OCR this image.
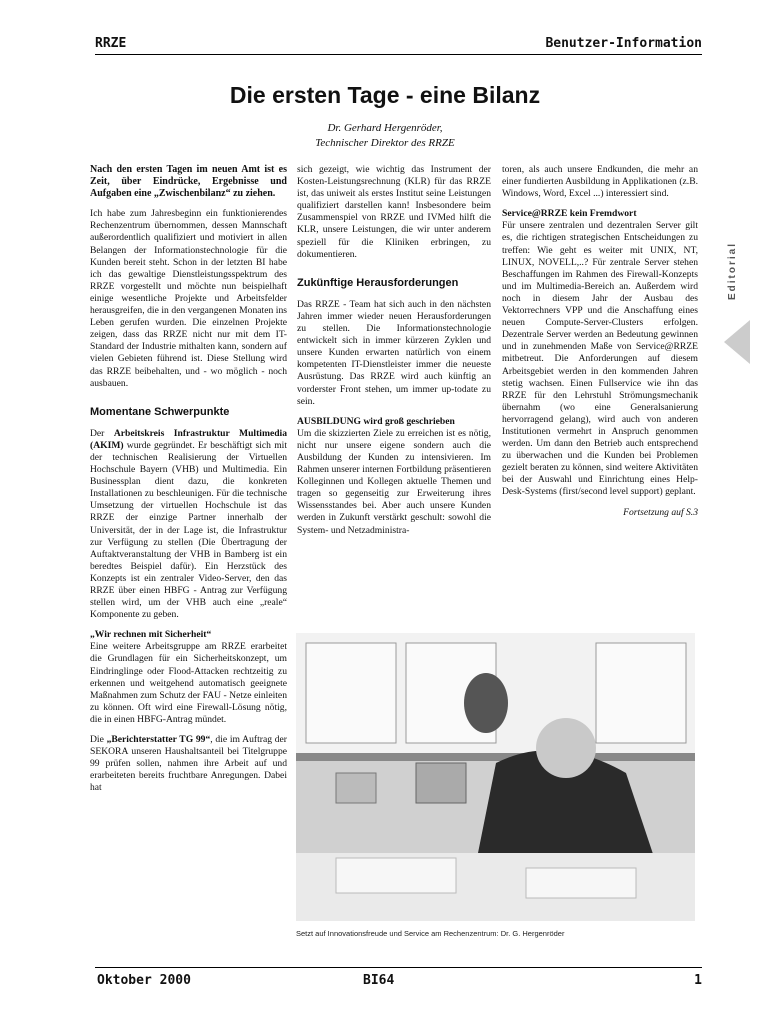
RRZE	Benutzer-Information
Die ersten Tage - eine Bilanz
Dr. Gerhard Hergenröder,
Technischer Direktor des RRZE
Editorial

Nach den ersten Tagen im neuen Amt ist es Zeit, über Eindrücke, Ergebnisse und Aufgaben eine „Zwischenbilanz“ zu ziehen.

Ich habe zum Jahresbeginn ein funktionierendes Rechenzentrum übernommen, dessen Mannschaft außerordentlich qualifiziert und motiviert in allen Belangen der Informationstechnologie für die Kunden bereit steht. Schon in der letzten BI habe ich das gewaltige Dienstleistungsspektrum des RRZE vorgestellt und möchte nun beispielhaft einige wesentliche Projekte und Arbeitsfelder herausgreifen, die in den vergangenen Monaten ins Leben gerufen wurden. Die einzelnen Projekte zeigen, dass das RRZE nicht nur mit dem IT-Standard der Industrie mithalten kann, sondern auf vielen Gebieten führend ist. Diese Stellung wird das RRZE beibehalten, und - wo möglich - noch ausbauen.

Momentane Schwerpunkte

Der Arbeitskreis Infrastruktur Multimedia (AKIM) wurde gegründet. Er beschäftigt sich mit der technischen Realisierung der Virtuellen Hochschule Bayern (VHB) und Multimedia. Ein Businessplan dient dazu, die konkreten Installationen zu beschleunigen. Für die technische Umsetzung der virtuellen Hochschule ist das RRZE der einzige Partner innerhalb der Universität, der in der Lage ist, die Infrastruktur zur Verfügung zu stellen (Die Übertragung der Auftaktveranstaltung der VHB in Bamberg ist ein beredtes Beispiel dafür). Ein Herzstück des Konzepts ist ein zentraler Video-Server, den das RRZE über einen HBFG - Antrag zur Verfügung stellen wird, um der VHB auch eine „reale“ Komponente zu geben.

„Wir rechnen mit Sicherheit“
Eine weitere Arbeitsgruppe am RRZE erarbeitet die Grundlagen für ein Sicherheitskonzept, um Eindringlinge oder Flood-Attacken rechtzeitig zu erkennen und weitgehend automatisch geeignete Maßnahmen zum Schutz der FAU - Netze einleiten zu können. Oft wird eine Firewall-Lösung nötig, die in einen HBFG-Antrag mündet.

Die „Berichterstatter TG 99“, die im Auftrag der SEKORA unseren Haushaltsanteil bei Titelgruppe 99 prüfen sollen, nahmen ihre Arbeit auf und erarbeiteten bereits fruchtbare Anregungen. Dabei hat

sich gezeigt, wie wichtig das Instrument der Kosten-Leistungsrechnung (KLR) für das RRZE ist, das uniweit als erstes Institut seine Leistungen qualifiziert darstellen kann! Insbesondere beim Zusammenspiel von RRZE und IVMed hilft die KLR, unsere Leistungen, die wir unter anderem speziell für die Kliniken erbringen, zu dokumentieren.

Zukünftige Herausforderungen

Das RRZE - Team hat sich auch in den nächsten Jahren immer wieder neuen Herausforderungen zu stellen. Die Informationstechnologie entwickelt sich in immer kürzeren Zyklen und unsere Kunden erwarten natürlich von einem kompetenten IT-Dienstleister immer die neueste Ausrüstung. Das RRZE wird auch künftig an vorderster Front stehen, um immer up-todate zu sein.

AUSBILDUNG wird groß geschrieben
Um die skizzierten Ziele zu erreichen ist es nötig, nicht nur unsere eigene sondern auch die Ausbildung der Kunden zu intensivieren. Im Rahmen unserer internen Fortbildung präsentieren Kolleginnen und Kollegen aktuelle Themen und tragen so gegenseitig zur Erweiterung ihres Wissensstandes bei. Aber auch unsere Kunden werden in Zukunft verstärkt geschult: sowohl die System- und Netzadministra-

toren, als auch unsere Endkunden, die mehr an einer fundierten Ausbildung in Applikationen (z.B. Windows, Word, Excel ...) interessiert sind.

Service@RRZE kein Fremdwort
Für unsere zentralen und dezentralen Server gilt es, die richtigen strategischen Entscheidungen zu treffen: Wie geht es weiter mit UNIX, NT, LINUX, NOVELL,..? Für zentrale Server stehen Beschaffungen im Rahmen des Firewall-Konzepts und im Multimedia-Bereich an. Außerdem wird noch in diesem Jahr der Ausbau des Vektorrechners VPP und die Anschaffung eines neuen Compute-Server-Clusters erfolgen. Dezentrale Server werden an Bedeutung gewinnen und in zunehmenden Maße von Service@RRZE mitbetreut. Die Anforderungen auf diesem Arbeitsgebiet werden in den kommenden Jahren stetig wachsen. Einen Fullservice wie ihn das RRZE für den Lehrstuhl Strömungsmechanik übernahm (wo eine Generalsanierung hervorragend gelang), wird auch von anderen Institutionen vermehrt in Anspruch genommen werden. Um dann den Betrieb auch entsprechend zu überwachen und die Kunden bei Problemen gezielt beraten zu können, sind weitere Aktivitäten bei der Auswahl und Einrichtung eines Help-Desk-Systems (first/second level support) geplant.

Fortsetzung auf S.3

Setzt auf Innovationsfreude und Service am Rechenzentrum: Dr. G. Hergenröder
Oktober 2000	BI64	1
